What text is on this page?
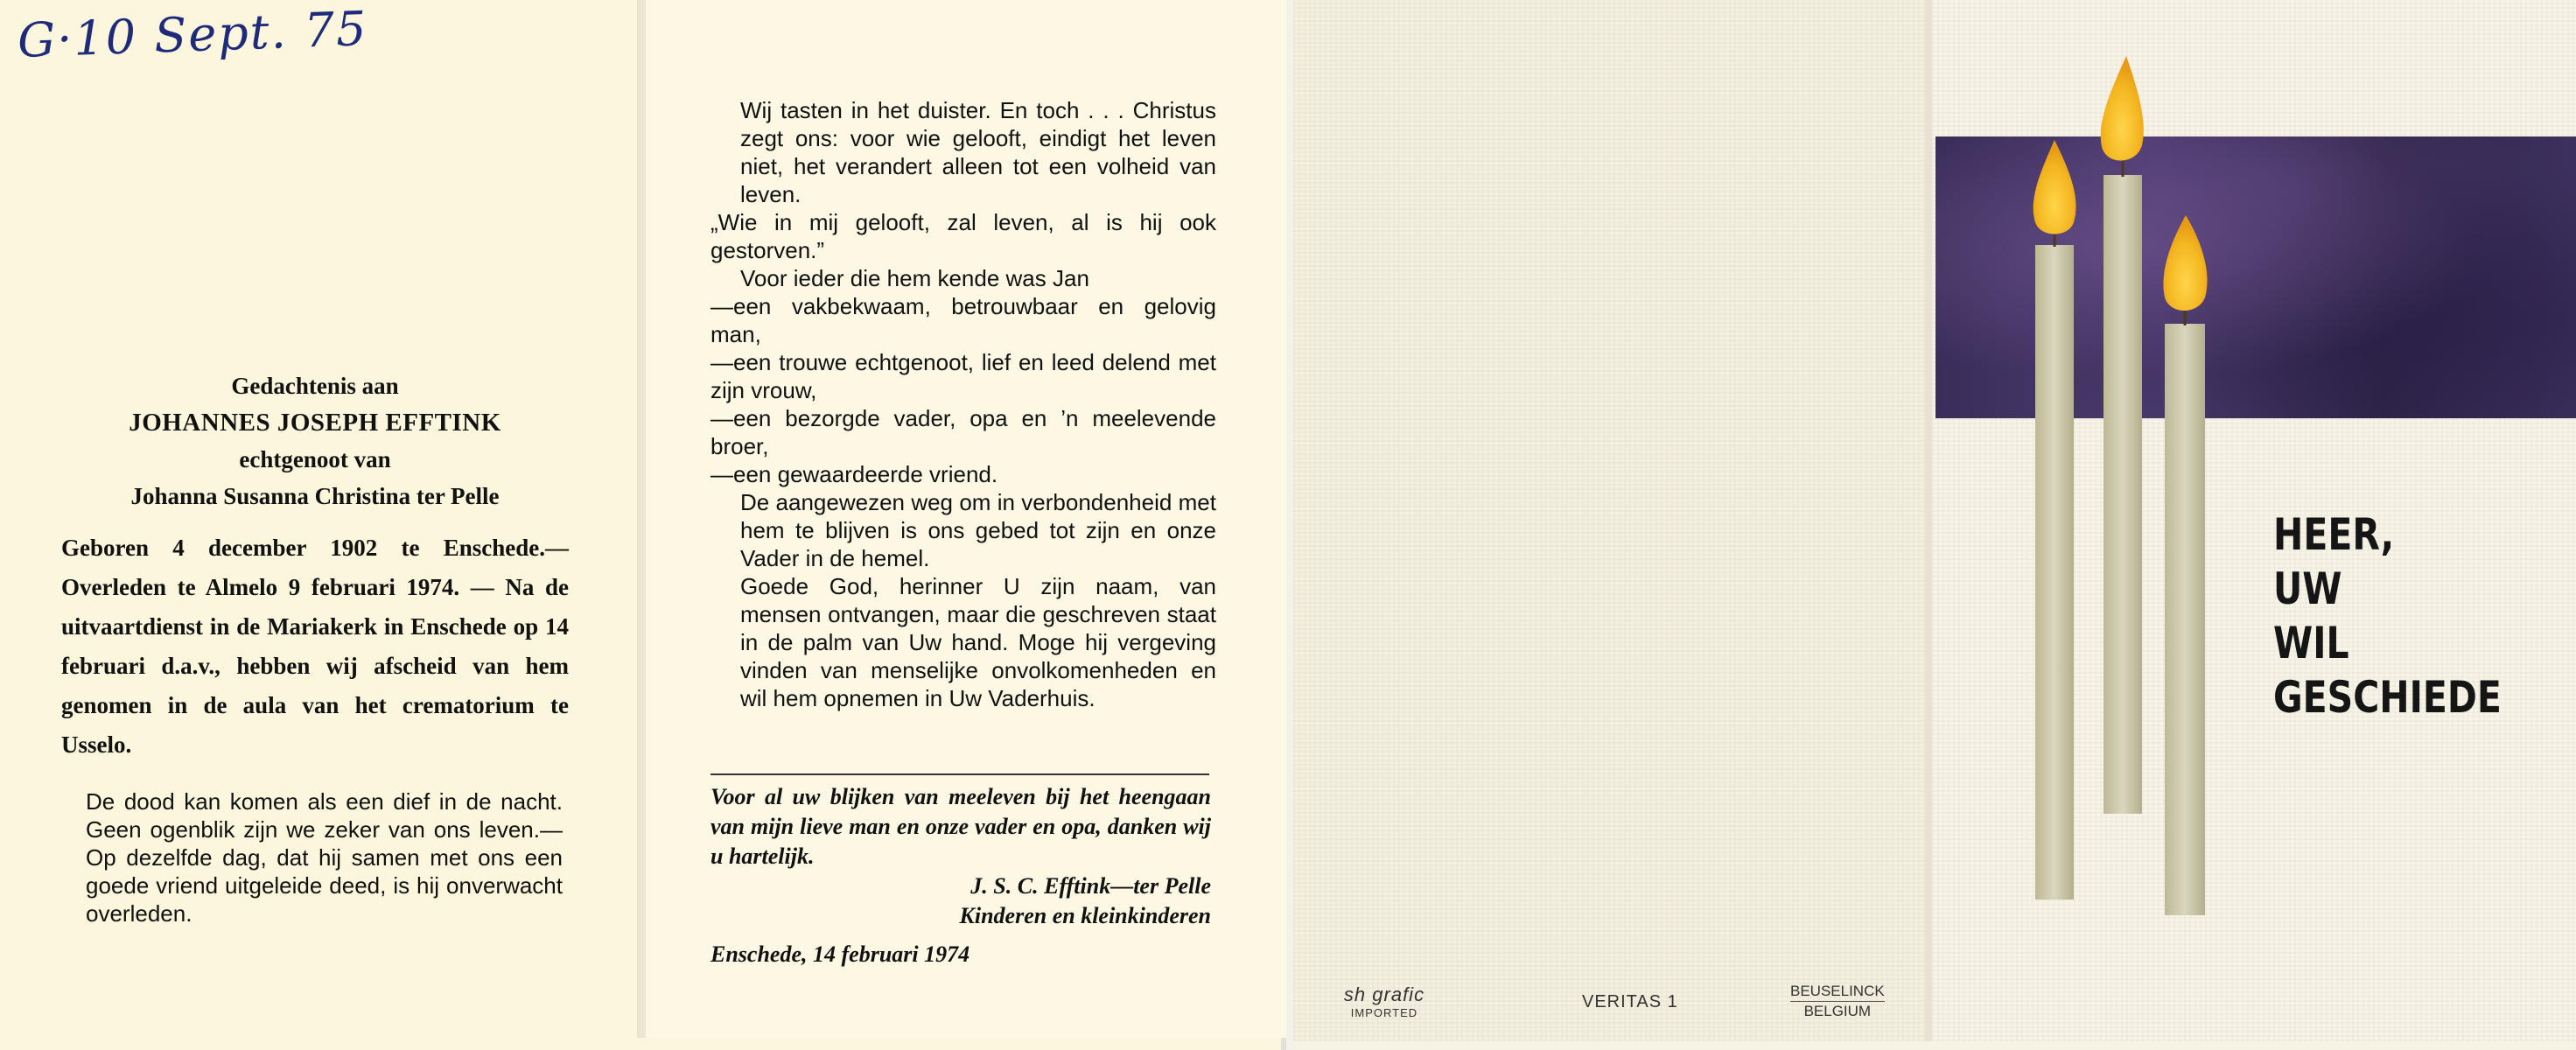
G·10 Sept. 75
Gedachtenis aan
JOHANNES JOSEPH EFFTINK
echtgenoot van
Johanna Susanna Christina ter Pelle
Geboren 4 december 1902 te Enschede.— Overleden te Almelo 9 februari 1974. — Na de uitvaartdienst in de Mariakerk in Enschede op 14 februari d.a.v., hebben wij afscheid van hem genomen in de aula van het crematorium te Usselo.
De dood kan komen als een dief in de nacht. Geen ogenblik zijn we zeker van ons leven.— Op dezelfde dag, dat hij samen met ons een goede vriend uitgeleide deed, is hij onverwacht overleden.

Wij tasten in het duister. En toch . . . Christus zegt ons: voor wie gelooft, eindigt het leven niet, het verandert alleen tot een volheid van leven.

„Wie in mij gelooft, zal leven, al is hij ook gestorven.”

Voor ieder die hem kende was Jan

—een vakbekwaam, betrouwbaar en gelovig man,

—een trouwe echtgenoot, lief en leed delend met zijn vrouw,

—een bezorgde vader, opa en ’n meelevende broer,

—een gewaardeerde vriend.

De aangewezen weg om in verbondenheid met hem te blijven is ons gebed tot zijn en onze Vader in de hemel.

Goede God, herinner U zijn naam, van mensen ontvangen, maar die geschreven staat in de palm van Uw hand. Moge hij vergeving vinden van menselijke onvolkomenheden en wil hem opnemen in Uw Vaderhuis.

Voor al uw blijken van meeleven bij het heengaan van mijn lieve man en onze vader en opa, danken wij u hartelijk.
J. S. C. Efftink—ter Pelle
Kinderen en kleinkinderen
Enschede, 14 februari 1974
sh grafic
IMPORTED
VERITAS 1
BEUSELINCK
BELGIUM
HEER,
UW
WIL
GESCHIEDE
